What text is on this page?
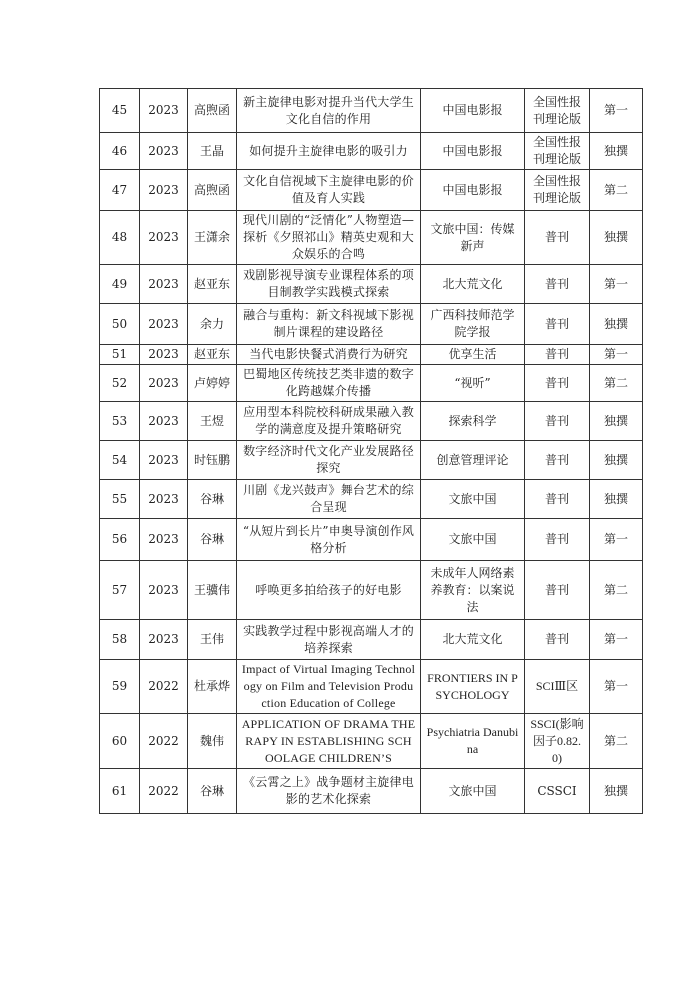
45	2023	高煦函	新主旋律电影对提升当代大学生文化自信的作用	中国电影报	全国性报刊理论版	第一
46	2023	王晶	如何提升主旋律电影的吸引力	中国电影报	全国性报刊理论版	独撰
47	2023	高煦函	文化自信视域下主旋律电影的价值及育人实践	中国电影报	全国性报刊理论版	第二
48	2023	王潇余	现代川剧的“泛情化”人物塑造—探析《夕照祁山》精英史观和大众娱乐的合鸣	文旅中国：传媒新声	普刊	独撰
49	2023	赵亚东	戏剧影视导演专业课程体系的项目制教学实践模式探索	北大荒文化	普刊	第一
50	2023	余力	融合与重构：新文科视域下影视制片课程的建设路径	广西科技师范学院学报	普刊	独撰
51	2023	赵亚东	当代电影快餐式消费行为研究	优享生活	普刊	第一
52	2023	卢婷婷	巴蜀地区传统技艺类非遗的数字化跨越媒介传播	“视听”	普刊	第二
53	2023	王煜	应用型本科院校科研成果融入教学的满意度及提升策略研究	探索科学	普刊	独撰
54	2023	时钰鹏	数字经济时代文化产业发展路径探究	创意管理评论	普刊	独撰
55	2023	谷琳	川剧《龙兴鼓声》舞台艺术的综合呈现	文旅中国	普刊	独撰
56	2023	谷琳	“从短片到长片”申奥导演创作风格分析	文旅中国	普刊	第一
57	2023	王骥伟	呼唤更多拍给孩子的好电影	未成年人网络素养教育：以案说法	普刊	第二
58	2023	王伟	实践教学过程中影视高端人才的培养探索	北大荒文化	普刊	第一
59	2022	杜承烨	Impact of Virtual Imaging Technology on Film and Television Production Education of College	FRONTIERS IN PSYCHOLOGY	SCIⅢ区	第一
60	2022	魏伟	APPLICATION OF DRAMA THERAPY IN ESTABLISHING SCHOOLAGE CHILDREN’S	Psychiatria Danubina	SSCI(影响因子0.82.0)	第二
61	2022	谷琳	《云霄之上》战争题材主旋律电影的艺术化探索	文旅中国	CSSCI	独撰
